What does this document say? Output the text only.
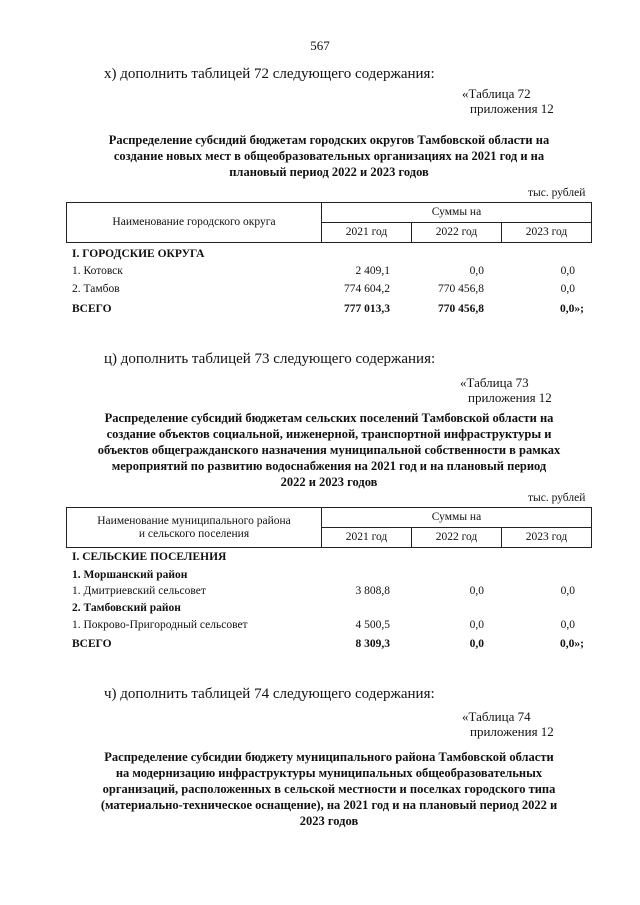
567
х) дополнить таблицей 72 следующего содержания:
«Таблица 72
приложения 12
Распределение субсидий бюджетам городских округов Тамбовской области на
создание новых мест в общеобразовательных организациях на 2021 год и на
плановый период 2022 и 2023 годов
тыс. рублей
Наименование городского округа	Суммы на		
	2021 год	2022 год	2023 год
I. ГОРОДСКИЕ ОКРУГА
1. Котовск	2 409,1	0,0	0,0
2. Тамбов	774 604,2	770 456,8	0,0
ВСЕГО	777 013,3	770 456,8	0,0»;
ц) дополнить таблицей 73 следующего содержания:
«Таблица 73
приложения 12
Распределение субсидий бюджетам сельских поселений Тамбовской области на
создание объектов социальной, инженерной, транспортной инфраструктуры и
объектов общегражданского назначения муниципальной собственности в рамках
мероприятий по развитию водоснабжения на 2021 год и на плановый период
2022 и 2023 годов
тыс. рублей
Наименование муниципального района
и сельского поселения	Суммы на		
	2021 год	2022 год	2023 год
I. СЕЛЬСКИЕ ПОСЕЛЕНИЯ
1. Моршанский район
1. Дмитриевский сельсовет	3 808,8	0,0	0,0
2. Тамбовский район
1. Покрово-Пригородный сельсовет	4 500,5	0,0	0,0
ВСЕГО	8 309,3	0,0	0,0»;
ч) дополнить таблицей 74 следующего содержания:
«Таблица 74
приложения 12
Распределение субсидии бюджету муниципального района Тамбовской области
на модернизацию инфраструктуры муниципальных общеобразовательных
организаций, расположенных в сельской местности и поселках городского типа
(материально-техническое оснащение), на 2021 год и на плановый период 2022 и
2023 годов
